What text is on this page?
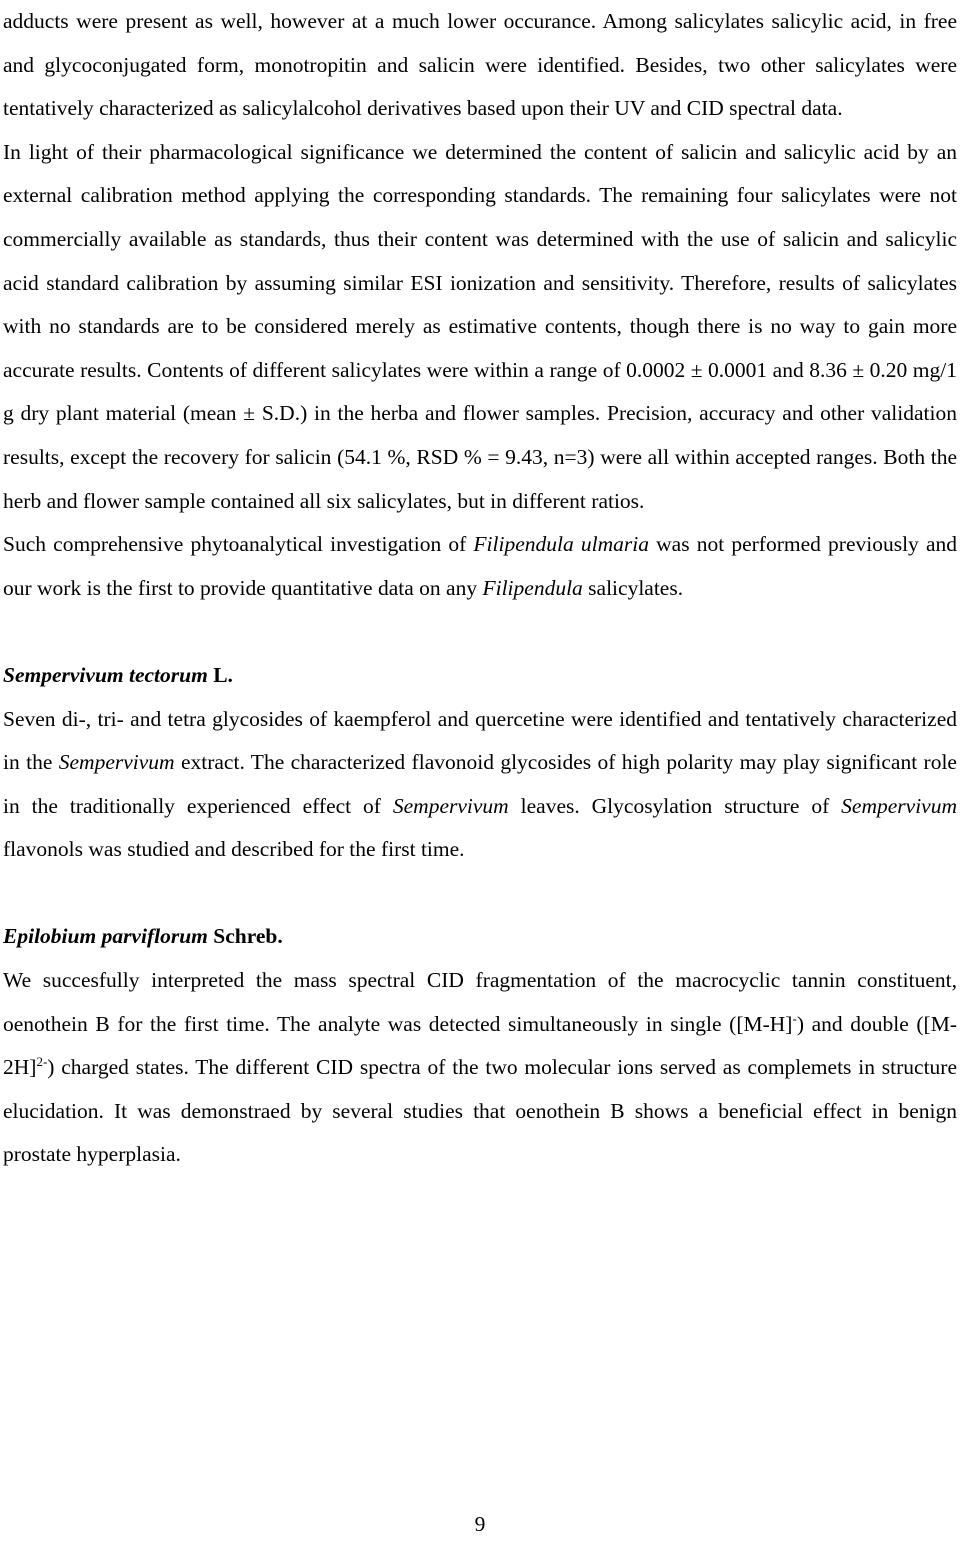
adducts were present as well, however at a much lower occurance. Among salicylates salicylic acid, in free and glycoconjugated form, monotropitin and salicin were identified. Besides, two other salicylates were tentatively characterized as salicylalcohol derivatives based upon their UV and CID spectral data.

In light of their pharmacological significance we determined the content of salicin and salicylic acid by an external calibration method applying the corresponding standards. The remaining four salicylates were not commercially available as standards, thus their content was determined with the use of salicin and salicylic acid standard calibration by assuming similar ESI ionization and sensitivity. Therefore, results of salicylates with no standards are to be considered merely as estimative contents, though there is no way to gain more accurate results. Contents of different salicylates were within a range of 0.0002 ± 0.0001 and 8.36 ± 0.20 mg/1 g dry plant material (mean ± S.D.) in the herba and flower samples. Precision, accuracy and other validation results, except the recovery for salicin (54.1 %, RSD % = 9.43, n=3) were all within accepted ranges. Both the herb and flower sample contained all six salicylates, but in different ratios.

Such comprehensive phytoanalytical investigation of Filipendula ulmaria was not performed previously and our work is the first to provide quantitative data on any Filipendula salicylates.

Sempervivum tectorum L.

Seven di-, tri- and tetra glycosides of kaempferol and quercetine were identified and tentatively characterized in the Sempervivum extract. The characterized flavonoid glycosides of high polarity may play significant role in the traditionally experienced effect of Sempervivum leaves. Glycosylation structure of Sempervivum flavonols was studied and described for the first time.

Epilobium parviflorum Schreb.

We succesfully interpreted the mass spectral CID fragmentation of the macrocyclic tannin constituent, oenothein B for the first time. The analyte was detected simultaneously in single ([M-H]-) and double $([M-2H]^{2-})$ charged states. The different CID spectra of the two molecular ions served as complemets in structure elucidation. It was demonstraed by several studies that oenothein B shows a beneficial effect in benign prostate hyperplasia.

9
